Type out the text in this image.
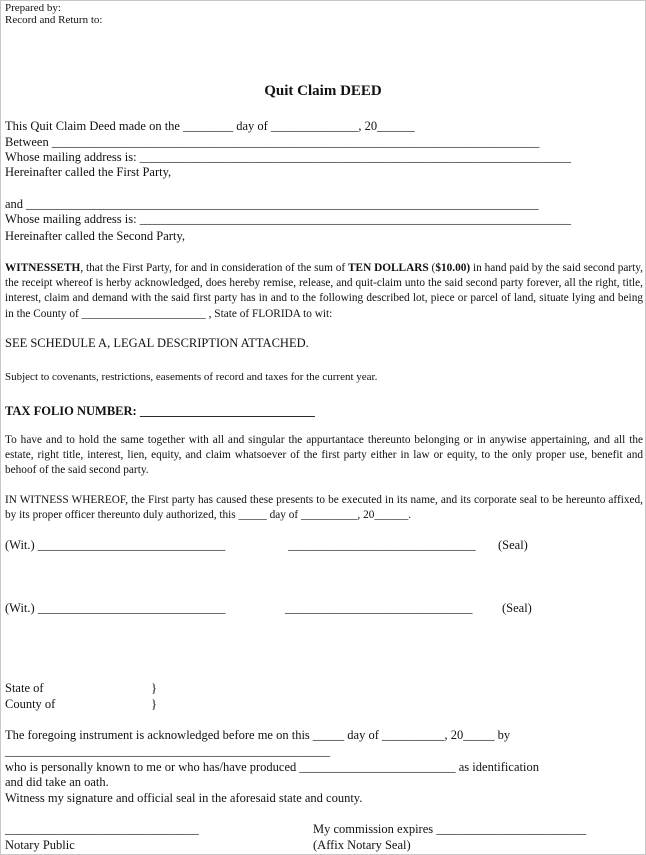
Prepared by:
Record and Return to:
Quit Claim DEED
This Quit Claim Deed made on the ________ day of ______________, 20______
Between ______________________________________________________________________________
Whose mailing address is: _____________________________________________________________________
Hereinafter called the First Party,
and __________________________________________________________________________________
Whose mailing address is: _____________________________________________________________________
Hereinafter called the Second Party,
WITNESSETH, that the First Party, for and in consideration of the sum of TEN DOLLARS ($10.00) in hand paid by the said second party, the receipt whereof is herby acknowledged, does hereby remise, release, and quit-claim unto the said second party forever, all the right, title, interest, claim and demand with the said first party has in and to the following described lot, piece or parcel of land, situate lying and being in the County of ______________________ , State of FLORIDA to wit:
SEE SCHEDULE A, LEGAL DESCRIPTION ATTACHED.
Subject to covenants, restrictions, easements of record and taxes for the current year.
TAX FOLIO NUMBER: ____________________________
To have and to hold the same together with all and singular the appurtantace thereunto belonging or in anywise appertaining, and all the estate, right title, interest, lien, equity, and claim whatsoever of the first party either in law or equity, to the only proper use, benefit and behoof of the said second party.
IN WITNESS WHEREOF, the First party has caused these presents to be executed in its name, and its corporate seal to be hereunto affixed, by its proper officer thereunto duly authorized, this _____ day of __________, 20______.
(Wit.) ______________________________	______________________________ (Seal)
(Wit.) ______________________________	______________________________ (Seal)
State of	}
County of	}
The foregoing instrument is acknowledged before me on this _____ day of __________, 20_____ by
____________________________________________________
who is personally known to me or who has/have produced _________________________ as identification
and did take an oath.
Witness my signature and official seal in the aforesaid state and county.
_______________________________	My commission expires ________________________
Notary Public	(Affix Notary Seal)
